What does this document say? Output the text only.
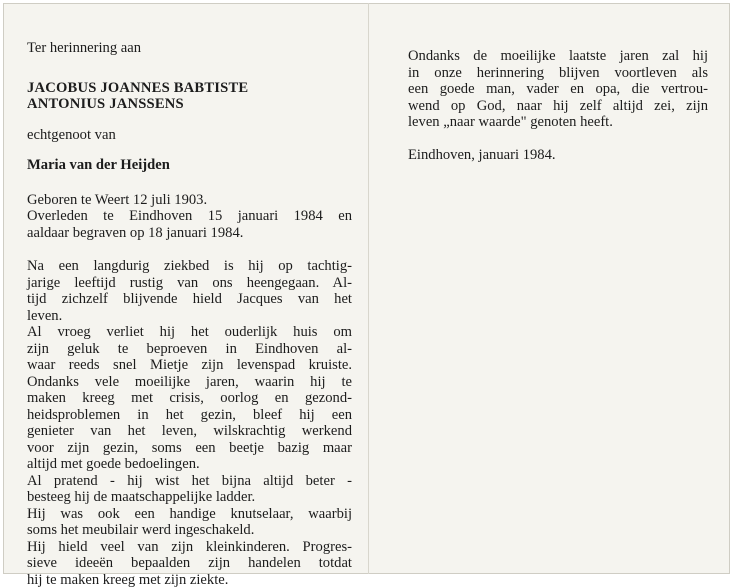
Ter herinnering aan

JACOBUS JOANNES BABTISTE
ANTONIUS JANSSENS

echtgenoot van

Maria van der Heijden

Geboren te Weert 12 juli 1903.
Overleden te Eindhoven 15 januari 1984 en
aaldaar begraven op 18 januari 1984.
Na een langdurig ziekbed is hij op tachtig-
jarige leeftijd rustig van ons heengegaan. Al-
tijd zichzelf blijvende hield Jacques van het
leven.
Al vroeg verliet hij het ouderlijk huis om
zijn geluk te beproeven in Eindhoven al-
waar reeds snel Mietje zijn levenspad kruiste.
Ondanks vele moeilijke jaren, waarin hij te
maken kreeg met crisis, oorlog en gezond-
heidsproblemen in het gezin, bleef hij een
genieter van het leven, wilskrachtig werkend
voor zijn gezin, soms een beetje bazig maar
altijd met goede bedoelingen.
Al pratend - hij wist het bijna altijd beter -
besteeg hij de maatschappelijke ladder.
Hij was ook een handige knutselaar, waarbij
soms het meubilair werd ingeschakeld.
Hij hield veel van zijn kleinkinderen. Progres-
sieve ideeën bepaalden zijn handelen totdat
hij te maken kreeg met zijn ziekte.
Ondanks de moeilijke laatste jaren zal hij
in onze herinnering blijven voortleven als
een goede man, vader en opa, die vertrou-
wend op God, naar hij zelf altijd zei, zijn
leven „naar waarde" genoten heeft.

Eindhoven, januari 1984.
